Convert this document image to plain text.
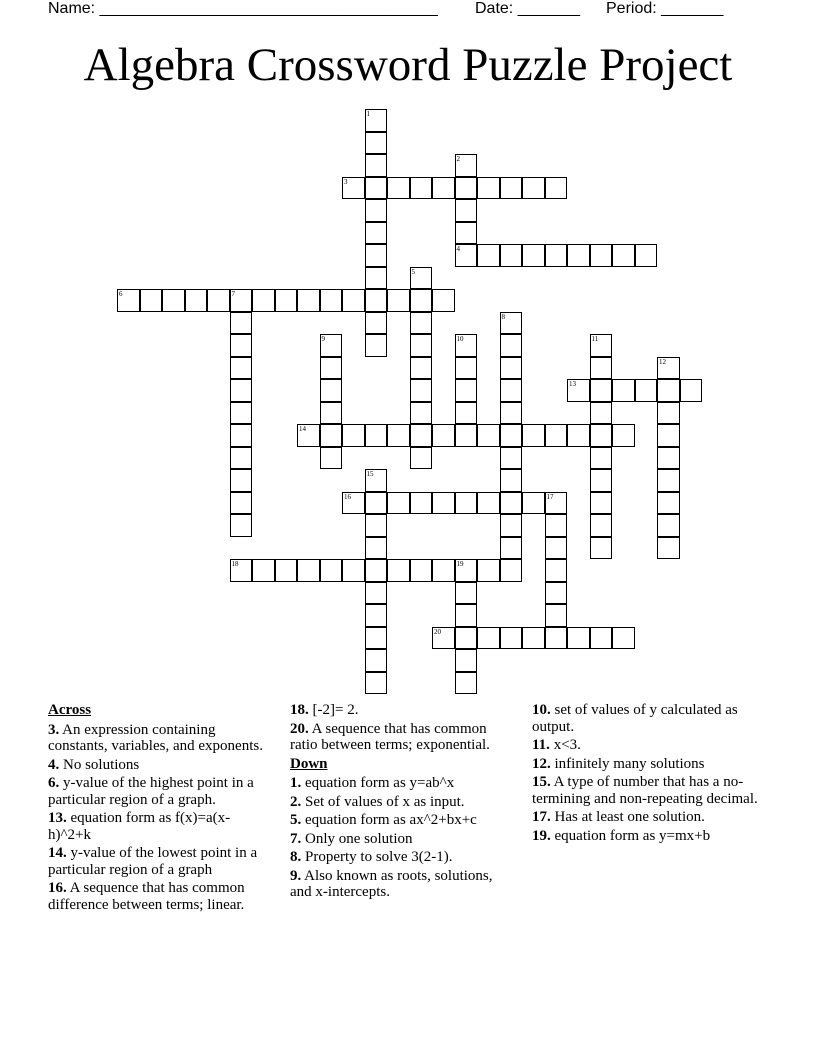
Name: ______________________________________ Date: _______ Period: _______
Algebra Crossword Puzzle Project
1
2
4
3
5
6	7
8
9	10	11
12
13
14
15
16	17
18	19
20
Across
3. An expression containing constants, variables, and exponents.
4. No solutions
6. y-value of the highest point in a particular region of a graph.
13. equation form as f(x)=a(x-h)^2+k
14. y-value of the lowest point in a particular region of a graph
16. A sequence that has common difference between terms; linear.
18. [-2]= 2.
20. A sequence that has common ratio between terms; exponential.
Down
1. equation form as y=ab^x
2. Set of values of x as input.
5. equation form as ax^2+bx+c
7. Only one solution
8. Property to solve 3(2-1).
9. Also known as roots, solutions, and x-intercepts.
10. set of values of y calculated as output.
11. x<3.
12. infinitely many solutions
15. A type of number that has a no-termining and non-repeating decimal.
17. Has at least one solution.
19. equation form as y=mx+b
